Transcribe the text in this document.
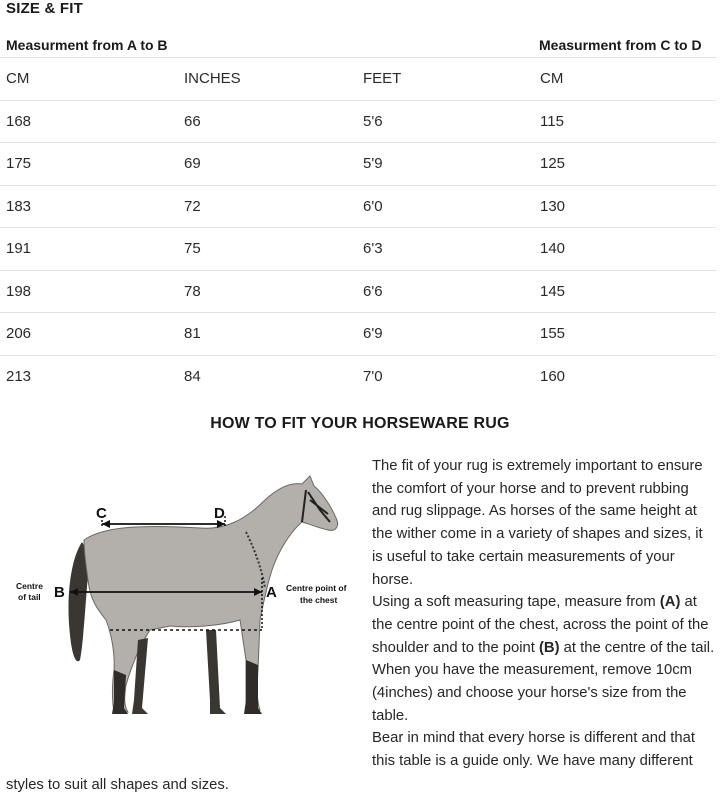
SIZE & FIT
Measurment from A to B	Measurment from C to D
CM	INCHES	FEET	CM
168	66	5'6	115
175	69	5'9	125
183	72	6'0	130
191	75	6'3	140
198	78	6'6	145
206	81	6'9	155
213	84	7'0	160
HOW TO FIT YOUR HORSEWARE RUG
C	D
B	A
Centre
of tail
Centre point of
the chest

The fit of your rug is extremely important to ensure the comfort of your horse and to prevent rubbing and rug slippage. As horses of the same height at the wither come in a variety of shapes and sizes, it is useful to take certain measurements of your horse.

Using a soft measuring tape, measure from (A) at the centre point of the chest, across the point of the shoulder and to the point (B) at the centre of the tail. When you have the measurement, remove 10cm (4inches) and choose your horse's size from the table.

Bear in mind that every horse is different and that this table is a guide only. We have many different

styles to suit all shapes and sizes.
